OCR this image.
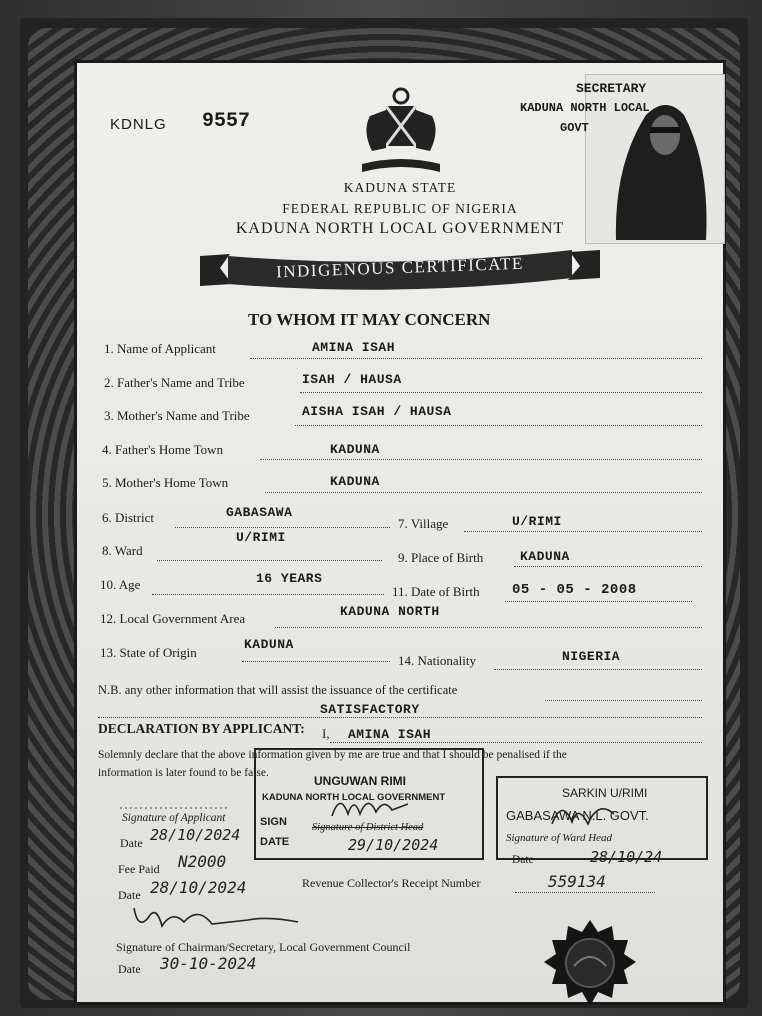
KDNLG 9557
KADUNA STATE
FEDERAL REPUBLIC OF NIGERIA
KADUNA NORTH LOCAL GOVERNMENT
INDIGENOUS CERTIFICATE
TO WHOM IT MAY CONCERN
SECRETARY
KADUNA NORTH LOCAL
GOVT
1. Name of Applicant	AMINA ISAH
2. Father's Name and Tribe	ISAH / HAUSA
3. Mother's Name and Tribe	AISHA ISAH / HAUSA
4. Father's Home Town	KADUNA
5. Mother's Home Town	KADUNA
6. District	GABASAWA
7. Village	U/RIMI
8. Ward
U/RIMI
9. Place of Birth	KADUNA
10. Age	16 YEARS
11. Date of Birth 05 - 05 - 2008
12. Local Government Area	KADUNA NORTH
13. State of Origin
KADUNA
14. Nationality	NIGERIA
N.B. any other information that will assist the issuance of the certificate
SATISFACTORY
DECLARATION BY APPLICANT: I, AMINA ISAH
Solemnly declare that the above information given by me are true and that I should be penalised if the
information is later found to be false.
UNGUWAN RIMI
KADUNA NORTH LOCAL GOVERNMENT
SIGN Signature of District Head
DATE	29/10/2024
SARKIN U/RIMI
GABASAWA N.L. GOVT.
Signature of Ward Head
Date	28/10/24
Signature of Applicant
Date 28/10/2024
Fee Paid N2000
Date 28/10/2024	Revenue Collector's Receipt Number	559134
Signature of Chairman/Secretary, Local Government Council
Date 30-10-2024
